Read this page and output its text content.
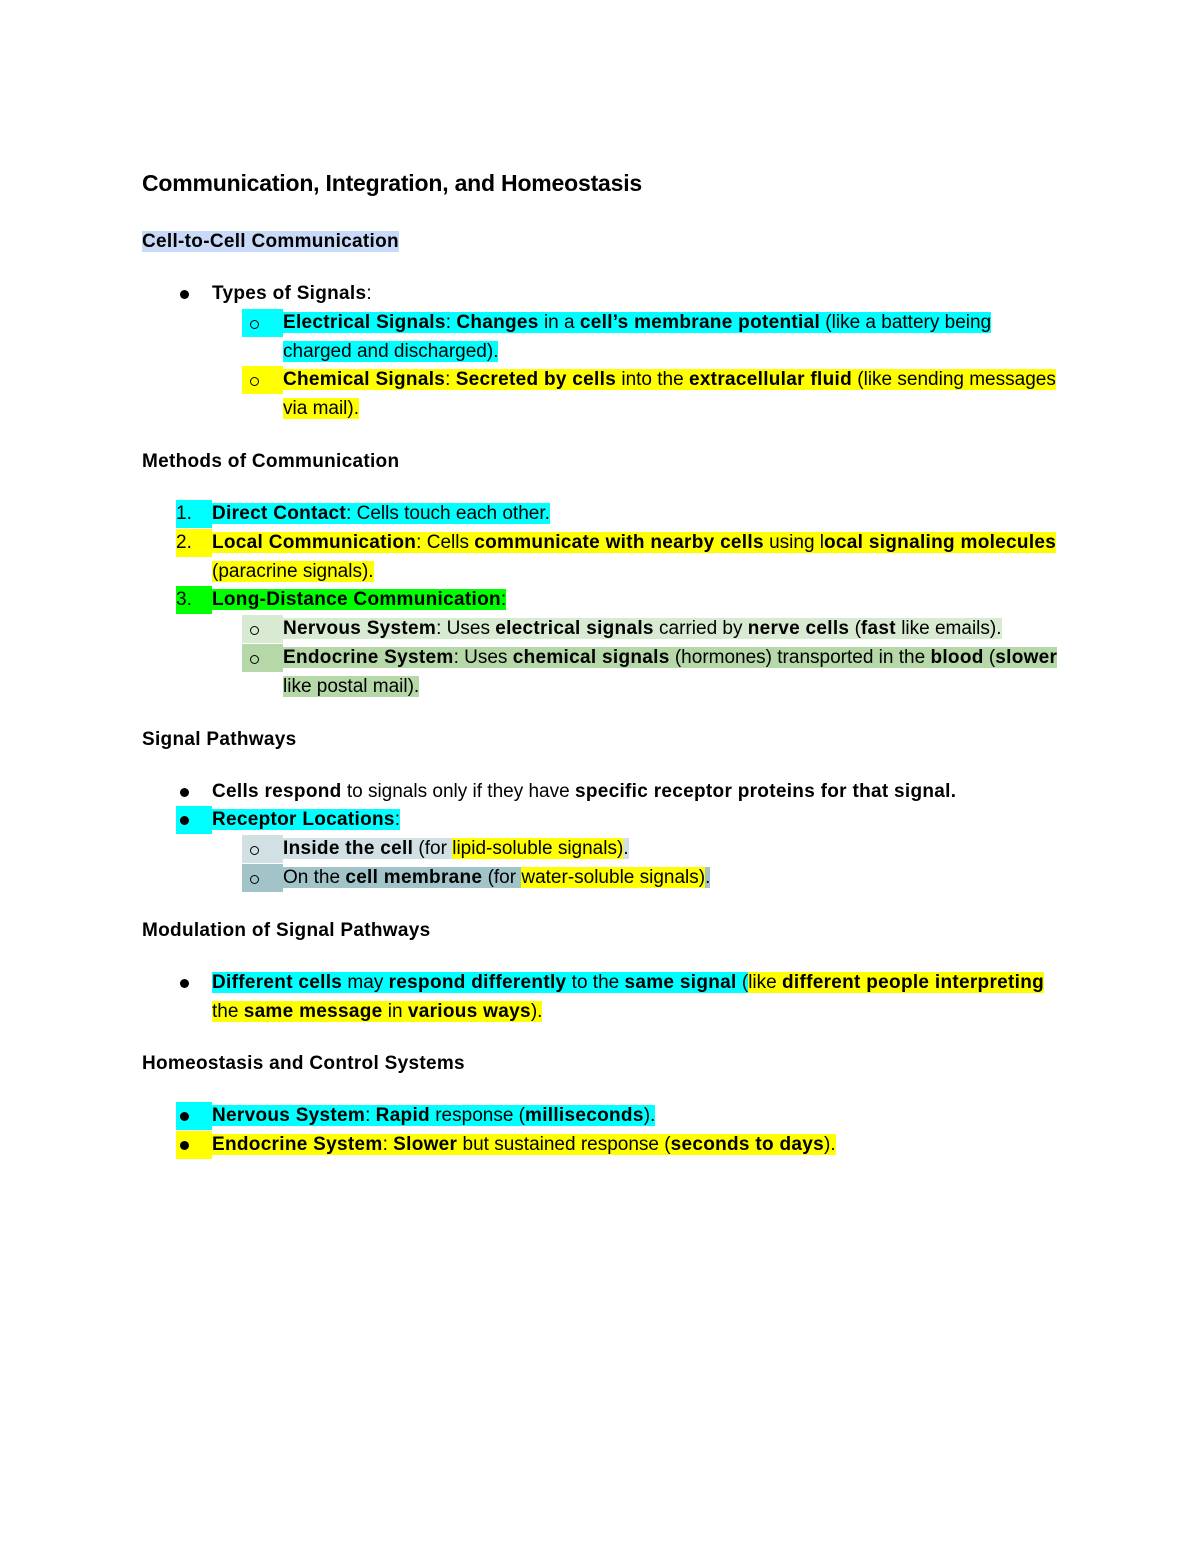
Communication, Integration, and Homeostasis
Cell-to-Cell Communication
Types of Signals:
Electrical Signals: Changes in a cell’s membrane potential (like a battery being charged and discharged).
Chemical Signals: Secreted by cells into the extracellular fluid (like sending messages via mail).
Methods of Communication
1. Direct Contact: Cells touch each other.
2. Local Communication: Cells communicate with nearby cells using local signaling molecules (paracrine signals).
3. Long-Distance Communication:
Nervous System: Uses electrical signals carried by nerve cells (fast like emails).
Endocrine System: Uses chemical signals (hormones) transported in the blood (slower like postal mail).
Signal Pathways
Cells respond to signals only if they have specific receptor proteins for that signal.
Receptor Locations:
Inside the cell (for lipid-soluble signals).
On the cell membrane (for water-soluble signals).
Modulation of Signal Pathways
Different cells may respond differently to the same signal (like different people interpreting the same message in various ways).
Homeostasis and Control Systems
Nervous System: Rapid response (milliseconds).
Endocrine System: Slower but sustained response (seconds to days).
